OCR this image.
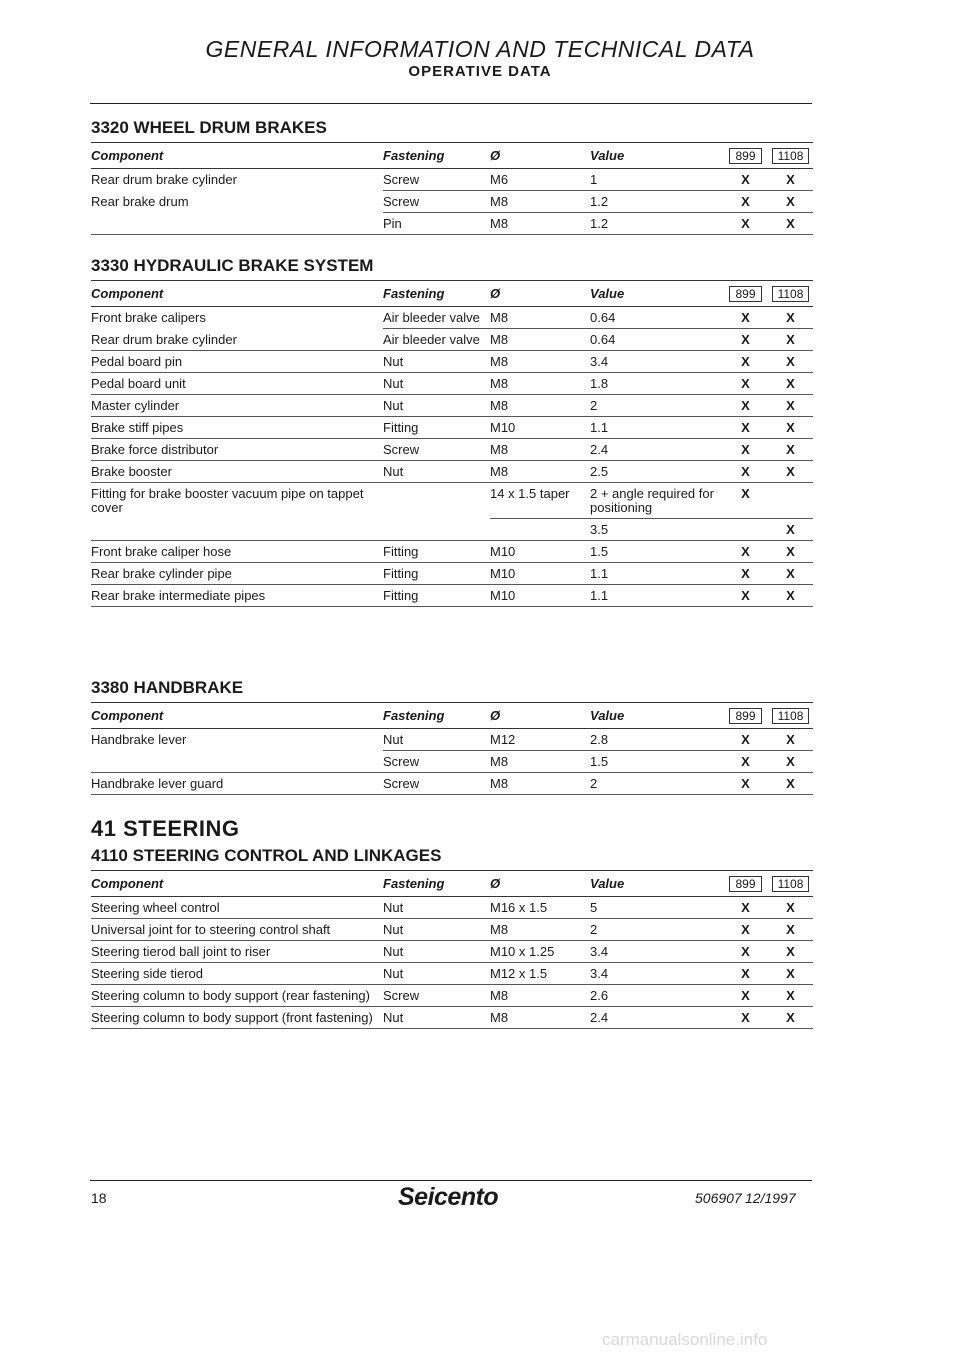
GENERAL INFORMATION AND TECHNICAL DATA
OPERATIVE DATA
3320 WHEEL DRUM BRAKES
Component	Fastening	Ø	Value	899	1108
Rear drum brake cylinder	Screw	M6	1	X	X
Rear brake drum	Screw	M8	1.2	X	X
	Pin	M8	1.2	X	X
3330 HYDRAULIC BRAKE SYSTEM
Component	Fastening	Ø	Value	899	1108
Front brake calipers	Air bleeder valve	M8	0.64	X	X
Rear drum brake cylinder	Air bleeder valve	M8	0.64	X	X
Pedal board pin	Nut	M8	3.4	X	X
Pedal board unit	Nut	M8	1.8	X	X
Master cylinder	Nut	M8	2	X	X
Brake stiff pipes	Fitting	M10	1.1	X	X
Brake force distributor	Screw	M8	2.4	X	X
Brake booster	Nut	M8	2.5	X	X
Fitting for brake booster vacuum pipe on tappet cover		14 x 1.5 taper	2 + angle required for positioning	X	
			3.5		X
Front brake caliper hose	Fitting	M10	1.5	X	X
Rear brake cylinder pipe	Fitting	M10	1.1	X	X
Rear brake intermediate pipes	Fitting	M10	1.1	X	X
3380 HANDBRAKE
Component	Fastening	Ø	Value	899	1108
Handbrake lever	Nut	M12	2.8	X	X
	Screw	M8	1.5	X	X
Handbrake lever guard	Screw	M8	2	X	X
41 STEERING
4110 STEERING CONTROL AND LINKAGES
Component	Fastening	Ø	Value	899	1108
Steering wheel control	Nut	M16 x 1.5	5	X	X
Universal joint for to steering control shaft	Nut	M8	2	X	X
Steering tierod ball joint to riser	Nut	M10 x 1.25	3.4	X	X
Steering side tierod	Nut	M12 x 1.5	3.4	X	X
Steering column to body support (rear fastening)	Screw	M8	2.6	X	X
Steering column to body support (front fastening)	Nut	M8	2.4	X	X
18	Seicento	506907 12/1997
carmanualsonline.info
